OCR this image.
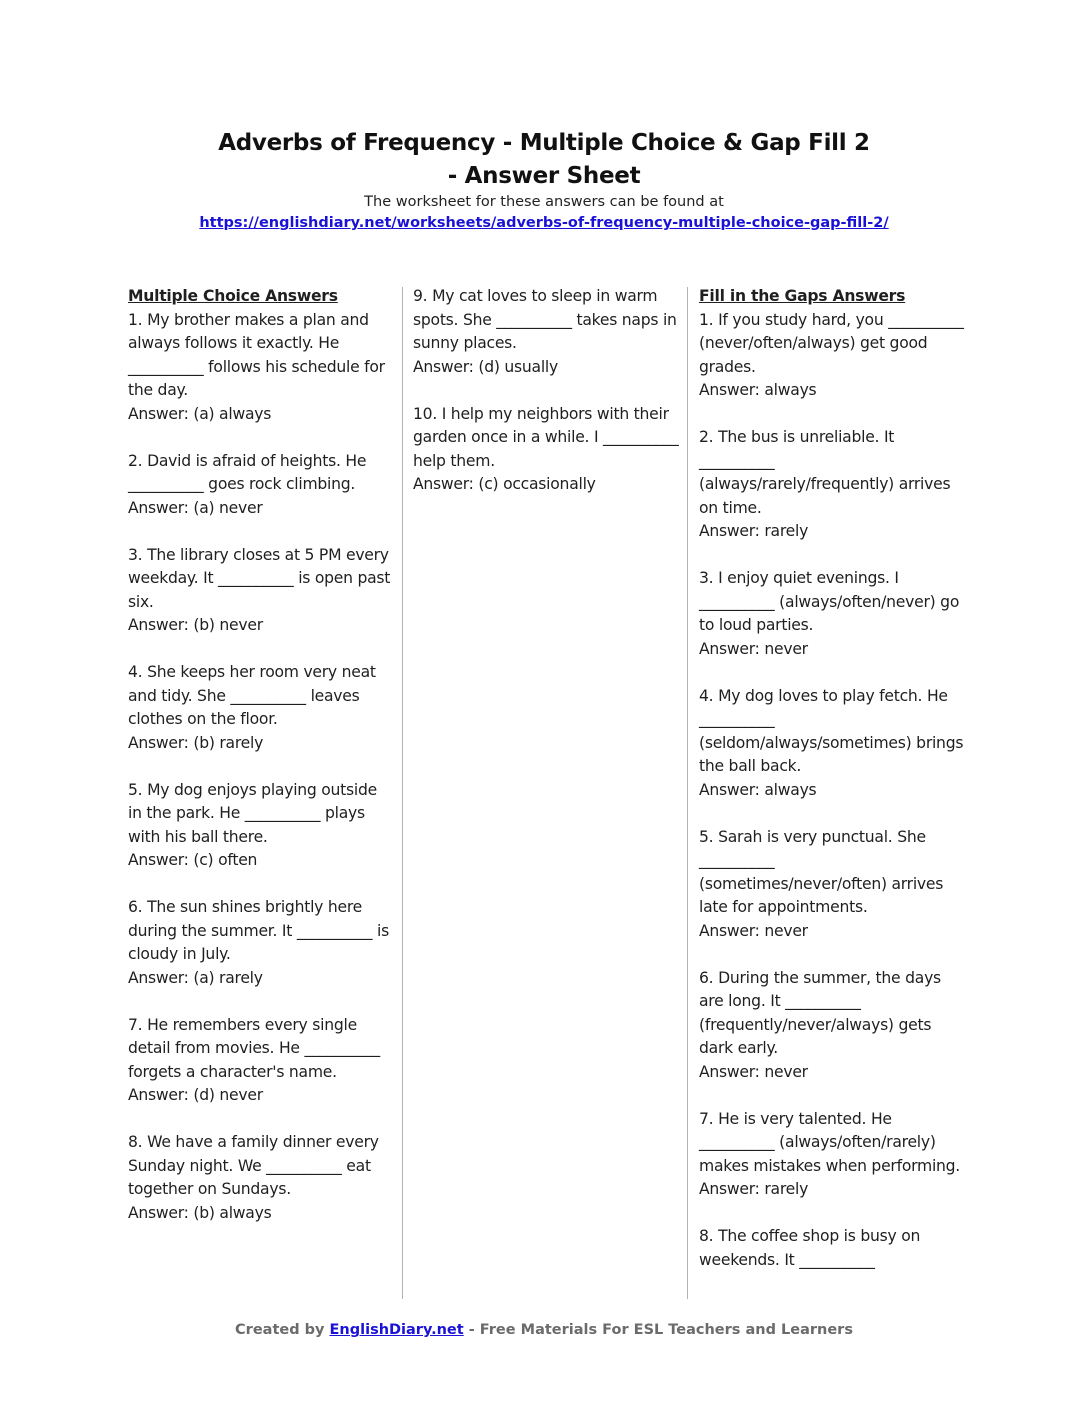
Adverbs of Frequency - Multiple Choice & Gap Fill 2
- Answer Sheet
The worksheet for these answers can be found at
https://englishdiary.net/worksheets/adverbs-of-frequency-multiple-choice-gap-fill-2/
Multiple Choice Answers
1. My brother makes a plan and always follows it exactly. He __________ follows his schedule for the day.
Answer: (a) always
2. David is afraid of heights. He __________ goes rock climbing.
Answer: (a) never
3. The library closes at 5 PM every weekday. It __________ is open past six.
Answer: (b) never
4. She keeps her room very neat and tidy. She __________ leaves clothes on the floor.
Answer: (b) rarely
5. My dog enjoys playing outside in the park. He __________ plays with his ball there.
Answer: (c) often
6. The sun shines brightly here during the summer. It __________ is cloudy in July.
Answer: (a) rarely
7. He remembers every single detail from movies. He __________ forgets a character's name.
Answer: (d) never
8. We have a family dinner every Sunday night. We __________ eat together on Sundays.
Answer: (b) always
9. My cat loves to sleep in warm spots. She __________ takes naps in sunny places.
Answer: (d) usually
10. I help my neighbors with their garden once in a while. I __________ help them.
Answer: (c) occasionally
Fill in the Gaps Answers
1. If you study hard, you __________ (never/often/always) get good grades.
Answer: always
2. The bus is unreliable. It __________ (always/rarely/frequently) arrives on time.
Answer: rarely
3. I enjoy quiet evenings. I __________ (always/often/never) go to loud parties.
Answer: never
4. My dog loves to play fetch. He __________ (seldom/always/sometimes) brings the ball back.
Answer: always
5. Sarah is very punctual. She __________ (sometimes/never/often) arrives late for appointments.
Answer: never
6. During the summer, the days are long. It __________ (frequently/never/always) gets dark early.
Answer: never
7. He is very talented. He __________ (always/often/rarely) makes mistakes when performing.
Answer: rarely
8. The coffee shop is busy on weekends. It __________
Created by EnglishDiary.net - Free Materials For ESL Teachers and Learners
